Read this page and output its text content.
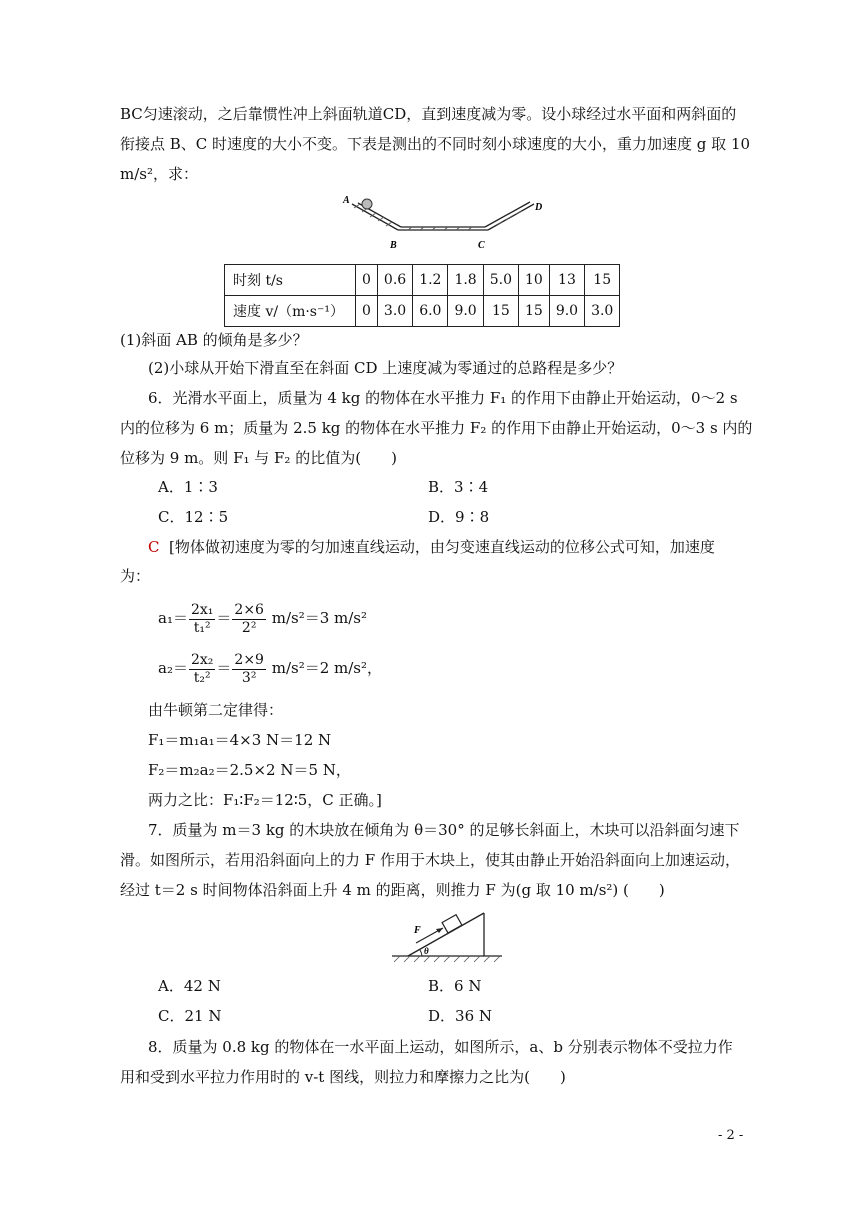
BC匀速滚动，之后靠惯性冲上斜面轨道CD，直到速度减为零。设小球经过水平面和两斜面的
衔接点 B、C 时速度的大小不变。下表是测出的不同时刻小球速度的大小，重力加速度 g 取 10
m/s²，求：
A
B	C
D
时刻 t/s	0	0.6	1.2	1.8	5.0	10	13	15
速度 v/（m·s⁻¹）	0	3.0	6.0	9.0	15	15	9.0	3.0
(1)斜面 AB 的倾角是多少？
(2)小球从开始下滑直至在斜面 CD 上速度减为零通过的总路程是多少？
6．光滑水平面上，质量为 4 kg 的物体在水平推力 F₁ 的作用下由静止开始运动，0～2 s
内的位移为 6 m；质量为 2.5 kg 的物体在水平推力 F₂ 的作用下由静止开始运动，0～3 s 内的
位移为 9 m。则 F₁ 与 F₂ 的比值为(　　)
A．1∶3	B．3∶4
C．12∶5	D．9∶8
C [物体做初速度为零的匀加速直线运动，由匀变速直线运动的位移公式可知，加速度
为：
$a_1= \frac{\text{2x₁}}{\text{t₁²}} = \frac{2\times 6}{\text{2²}} m/s^2=3$ m/s²
$a_2= \frac{\text{2x₂}}{\text{t₂²}} = \frac{2\times 9}{\text{3²}} m/s^2=2$ m/s²，
由牛顿第二定律得：
F₁＝m₁a₁＝4×3 N＝12 N
F₂＝m₂a₂＝2.5×2 N＝5 N，
两力之比：F₁∶F₂＝12∶5，C 正确。]
7．质量为 m＝3 kg 的木块放在倾角为 θ＝30° 的足够长斜面上，木块可以沿斜面匀速下
滑。如图所示，若用沿斜面向上的力 F 作用于木块上，使其由静止开始沿斜面向上加速运动，
经过 t＝2 s 时间物体沿斜面上升 4 m 的距离，则推力 F 为(g 取 10 m/s²) (　　)
F
θ
A．42 N	B．6 N
C．21 N	D．36 N
8．质量为 0.8 kg 的物体在一水平面上运动，如图所示，a、b 分别表示物体不受拉力作
用和受到水平拉力作用时的 v-t 图线，则拉力和摩擦力之比为(　　)
- 2 -
